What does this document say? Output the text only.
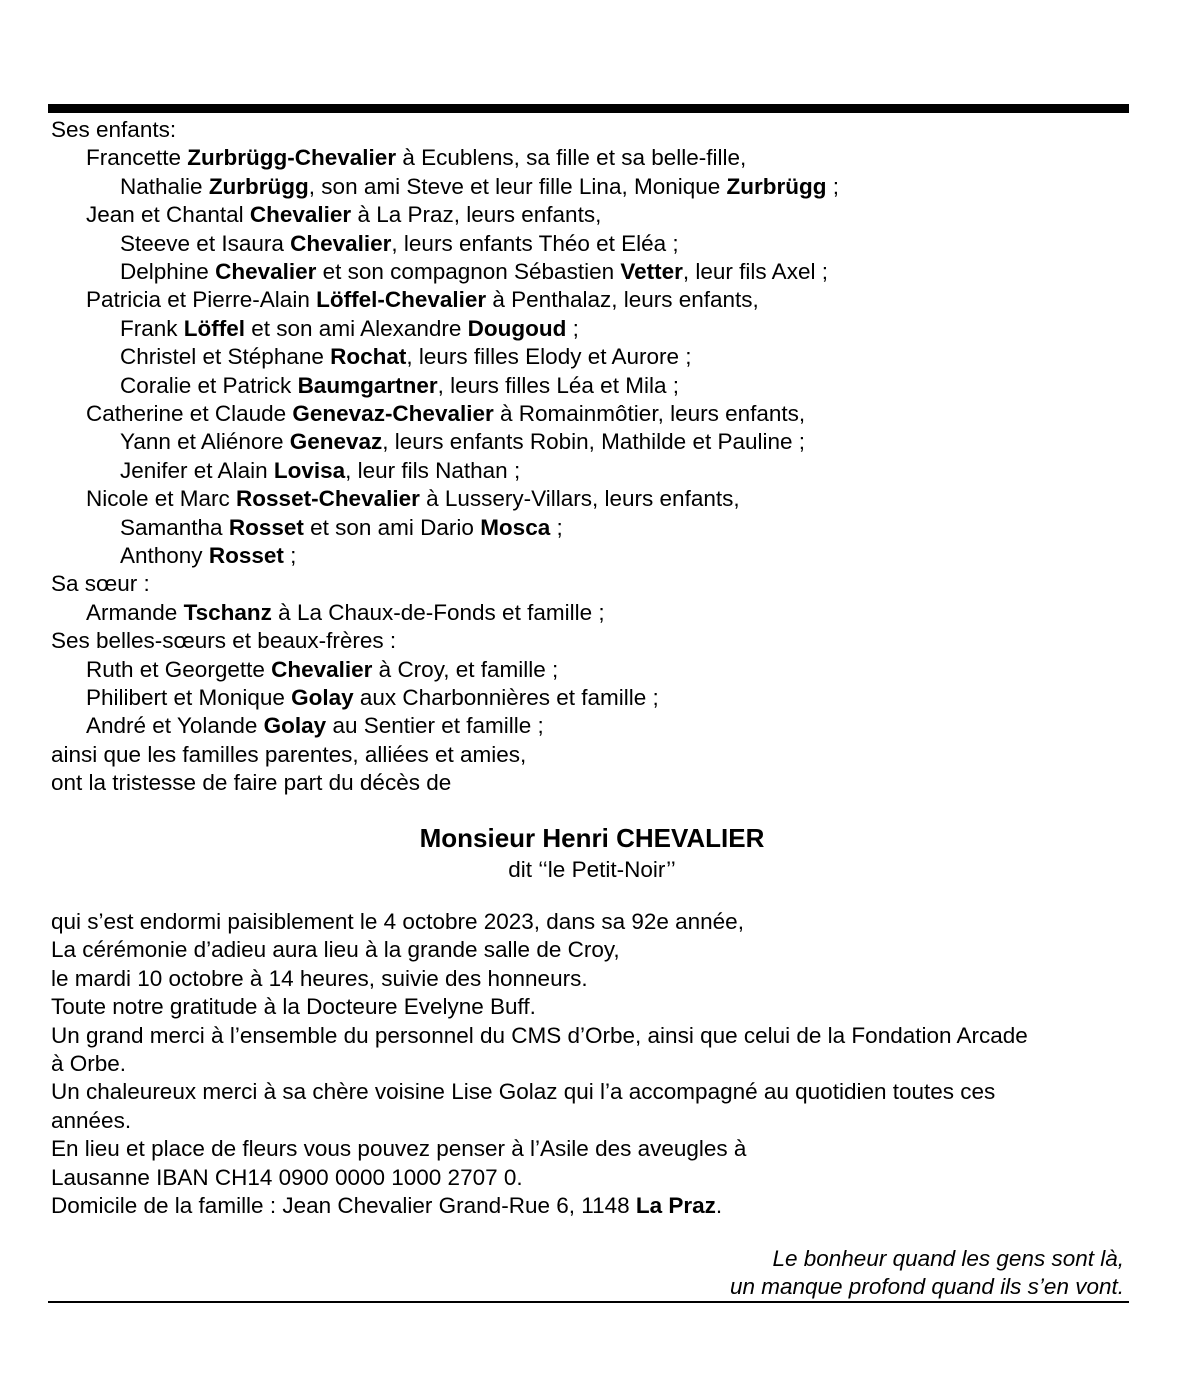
Ses enfants:
Francette Zurbrügg-Chevalier à Ecublens, sa fille et sa belle-fille,
Nathalie Zurbrügg, son ami Steve et leur fille Lina, Monique Zurbrügg ;
Jean et Chantal Chevalier à La Praz, leurs enfants,
Steeve et Isaura Chevalier, leurs enfants Théo et Eléa ;
Delphine Chevalier et son compagnon Sébastien Vetter, leur fils Axel ;
Patricia et Pierre-Alain Löffel-Chevalier à Penthalaz, leurs enfants,
Frank Löffel et son ami Alexandre Dougoud ;
Christel et Stéphane Rochat, leurs filles Elody et Aurore ;
Coralie et Patrick Baumgartner, leurs filles Léa et Mila ;
Catherine et Claude Genevaz-Chevalier à Romainmôtier, leurs enfants,
Yann et Aliénore Genevaz, leurs enfants Robin, Mathilde et Pauline ;
Jenifer et Alain Lovisa, leur fils Nathan ;
Nicole et Marc Rosset-Chevalier à Lussery-Villars, leurs enfants,
Samantha Rosset et son ami Dario Mosca ;
Anthony Rosset ;
Sa sœur :
Armande Tschanz à La Chaux-de-Fonds et famille ;
Ses belles-sœurs et beaux-frères :
Ruth et Georgette Chevalier à Croy, et famille ;
Philibert et Monique Golay aux Charbonnières et famille ;
André et Yolande Golay au Sentier et famille ;
ainsi que les familles parentes, alliées et amies,
ont la tristesse de faire part du décès de
Monsieur Henri CHEVALIER
dit ‘‘le Petit-Noir’’
qui s’est endormi paisiblement le 4 octobre 2023, dans sa 92e année,
La cérémonie d’adieu aura lieu à la grande salle de Croy,
le mardi 10 octobre à 14 heures, suivie des honneurs.
Toute notre gratitude à la Docteure Evelyne Buff.
Un grand merci à l’ensemble du personnel du CMS d’Orbe, ainsi que celui de la Fondation Arcade
à Orbe.
Un chaleureux merci à sa chère voisine Lise Golaz qui l’a accompagné au quotidien toutes ces
années.
En lieu et place de fleurs vous pouvez penser à l’Asile des aveugles à
Lausanne IBAN CH14 0900 0000 1000 2707 0.
Domicile de la famille : Jean Chevalier Grand-Rue 6, 1148 La Praz.
Le bonheur quand les gens sont là,
un manque profond quand ils s’en vont.
